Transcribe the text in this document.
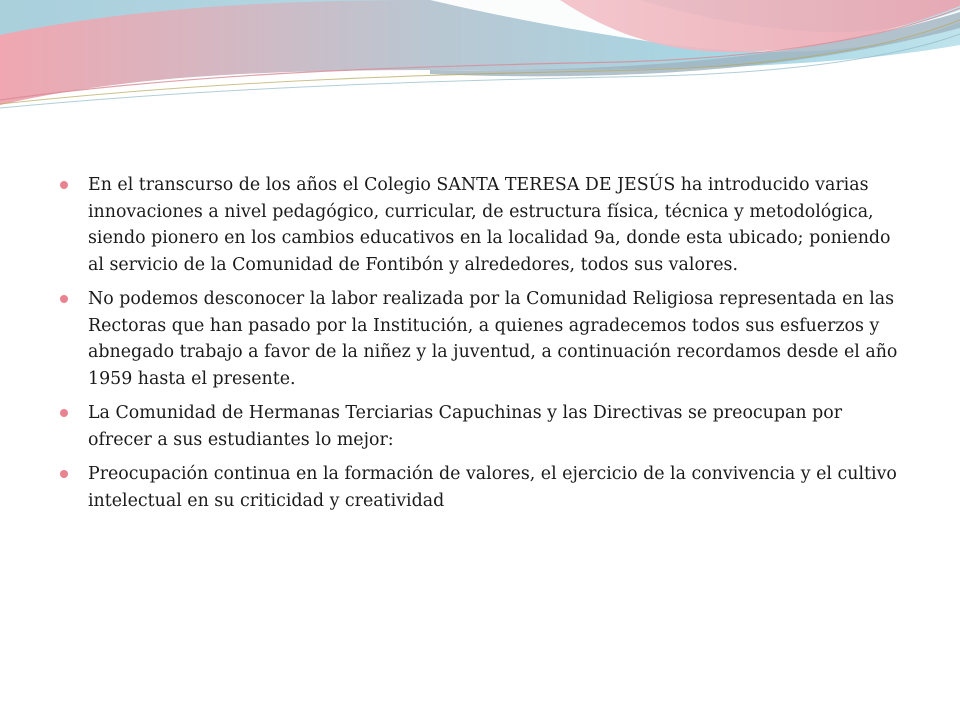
En el transcurso de los años el Colegio SANTA TERESA DE JESÚS ha introducido varias innovaciones a nivel pedagógico, curricular, de estructura física, técnica y metodológica, siendo pionero en los cambios educativos en la localidad 9a, donde esta ubicado; poniendo al servicio de la Comunidad de Fontibón y alrededores, todos sus valores.
No podemos desconocer la labor realizada por la Comunidad Religiosa representada en las Rectoras que han pasado por la Institución, a quienes agradecemos todos sus esfuerzos y abnegado trabajo a favor de la niñez y la juventud, a continuación recordamos desde el año 1959 hasta el presente.
La Comunidad de Hermanas Terciarias Capuchinas y las Directivas se preocupan por ofrecer a sus estudiantes lo mejor:
Preocupación continua en la formación de valores, el ejercicio de la convivencia y el cultivo intelectual en su criticidad y creatividad
